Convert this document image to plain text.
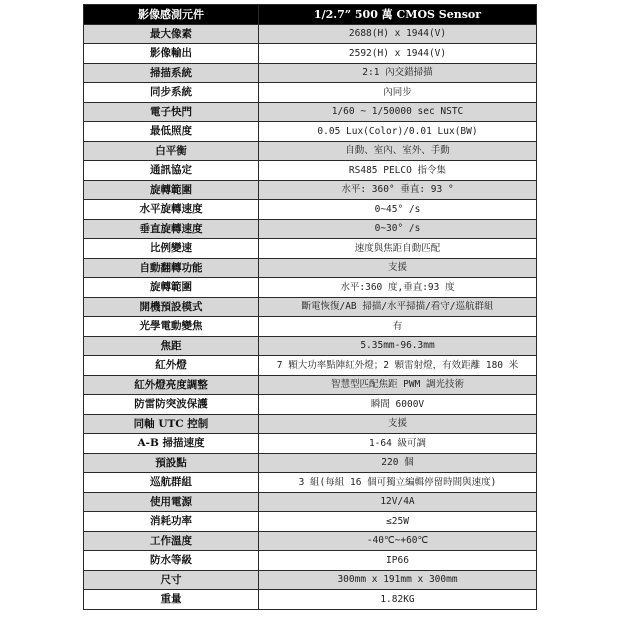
影像感測元件	1/2.7” 500 萬 CMOS Sensor
最大像素	2688(H) x 1944(V)
影像輸出	2592(H) x 1944(V)
掃描系統	2:1 內交錯掃描
同步系統	內同步
電子快門	1/60 ~ 1/50000 sec NSTC
最低照度	0.05 Lux(Color)/0.01 Lux(BW)
白平衡	自動、室內、室外、手動
通訊協定	RS485 PELCO 指令集
旋轉範圍	水平: 360° 垂直: 93 °
水平旋轉速度	0~45° /s
垂直旋轉速度	0~30° /s
比例變速	速度與焦距自動匹配
自動翻轉功能	支援
旋轉範圍	水平:360 度,垂直:93 度
開機預設模式	斷電恢復/AB 掃描/水平掃描/看守/巡航群組
光學電動變焦	有
焦距	5.35mm-96.3mm
紅外燈	7 顆大功率點陣紅外燈；2 顆雷射燈，有效距離 180 米
紅外燈亮度調整	智慧型匹配焦距 PWM 調光技術
防雷防突波保護	瞬間 6000V
同軸 UTC 控制	支援
A-B 掃描速度	1-64 級可調
預設點	220 個
巡航群組	3 組(每組 16 個可獨立編輯停留時間與速度)
使用電源	12V/4A
消耗功率	≤25W
工作溫度	-40℃~+60℃
防水等級	IP66
尺寸	300mm x 191mm x 300mm
重量	1.82KG
